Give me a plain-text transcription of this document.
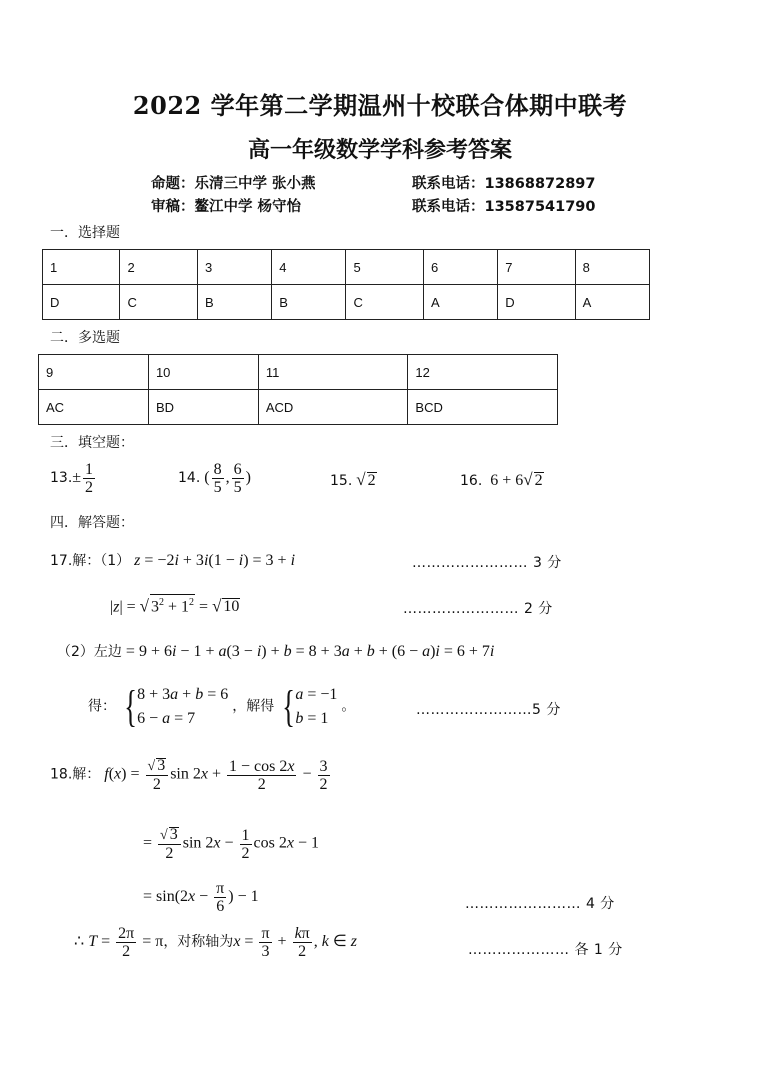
2022 学年第二学期温州十校联合体期中联考
高一年级数学学科参考答案
命题：乐清三中学 张小燕	联系电话：13868872897
审稿：鳌江中学 杨守怡	联系电话：13587541790
一．选择题
1	2	3	4	5	6	7	8
D	C	B	B	C	A	D	A
二．多选题
9	10	11	12
AC	BD	ACD	BCD
三．填空题：
$13.\pm \frac{1}{2}$	14. ( $\frac{8}{5}$ , $\frac{6}{5}$ )	15. √ 2	16.  6 + 6√ 2
四．解答题：
17.解：（1） z = −2i + 3i(1 − i) = 3 + i	…………………… 3 分
|z| = √ $3^2 + 1^2$ = √ 10	…………………… 2 分
（2）左边 = 9 + 6i − 1 + a(3 − i) + b = 8 + 3a + b + (6 − a)i = 6 + 7i
得： {8 + 3a + b = 6
6 − a = 7 ，解得 {a = −1
b = 1 。	……………………5 分
18.解： $f(x) = \frac{√ 3}{2}$ $\sin 2x + \frac{1 - \cos 2x}{2} - \frac{3}{2}$
= $\frac{√ 3}{2}$ $\sin 2x - \frac{1}{2}$ cos 2x − 1
= $\sin(2x - \frac{\pi}{6}$ ) − 1	…………………… 4 分
∴ $T = \frac{2\pi}{2} = \pi$，对称轴为$x = \frac{\pi}{3} + \frac{k\pi}{2}$ , k ∈ z	………………… 各 1 分
